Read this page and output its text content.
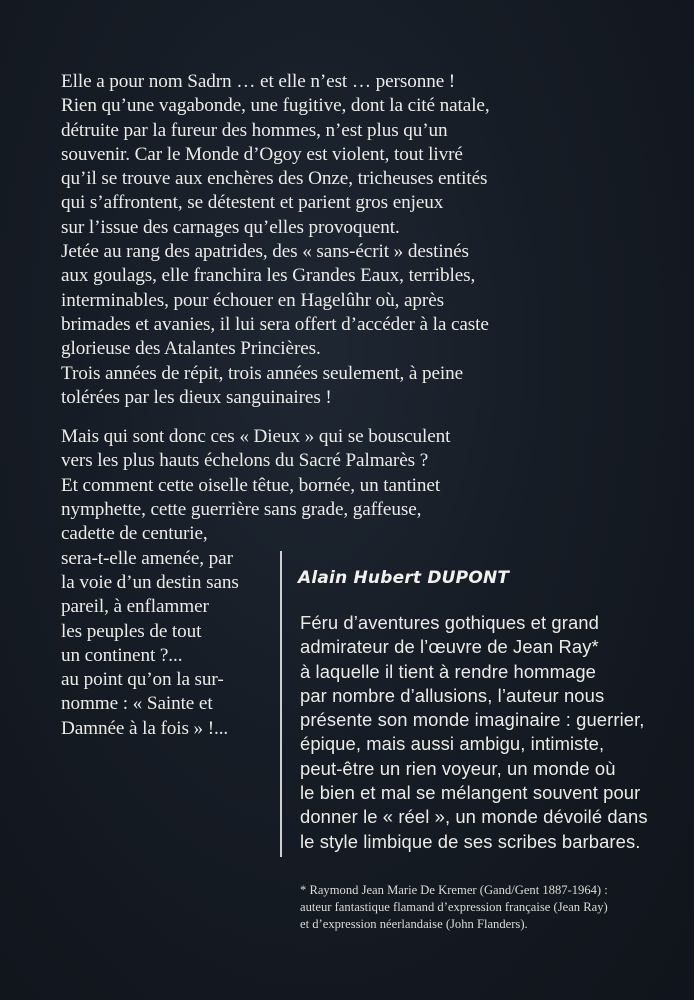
Elle a pour nom Sadrn … et elle n’est … personne !

Rien qu’une vagabonde, une fugitive, dont la cité natale,

détruite par la fureur des hommes, n’est plus qu’un

souvenir. Car le Monde d’Ogoy est violent, tout livré

qu’il se trouve aux enchères des Onze, tricheuses entités

qui s’affrontent, se détestent et parient gros enjeux

sur l’issue des carnages qu’elles provoquent.

Jetée au rang des apatrides, des « sans-écrit » destinés

aux goulags, elle franchira les Grandes Eaux, terribles,

interminables, pour échouer en Hagelûhr où, après

brimades et avanies, il lui sera offert d’accéder à la caste

glorieuse des Atalantes Princières.

Trois années de répit, trois années seulement, à peine

tolérées par les dieux sanguinaires !

Mais qui sont donc ces « Dieux » qui se bousculent

vers les plus hauts échelons du Sacré Palmarès ?

Et comment cette oiselle têtue, bornée, un tantinet

nymphette, cette guerrière sans grade, gaffeuse,

cadette de centurie,

sera-t-elle amenée, par

la voie d’un destin sans

pareil, à enflammer

les peuples de tout

un continent ?...

au point qu’on la sur-

nomme : « Sainte et

Damnée à la fois » !...

Alain Hubert DUPONT

Féru d’aventures gothiques et grand

admirateur de l’œuvre de Jean Ray*

à laquelle il tient à rendre hommage

par nombre d’allusions, l’auteur nous

présente son monde imaginaire : guerrier,

épique, mais aussi ambigu, intimiste,

peut-être un rien voyeur, un monde où

le bien et mal se mélangent souvent pour

donner le « réel », un monde dévoilé dans

le style limbique de ses scribes barbares.

* Raymond Jean Marie De Kremer (Gand/Gent 1887-1964) :

auteur fantastique flamand d’expression française (Jean Ray)

et d’expression néerlandaise (John Flanders).
